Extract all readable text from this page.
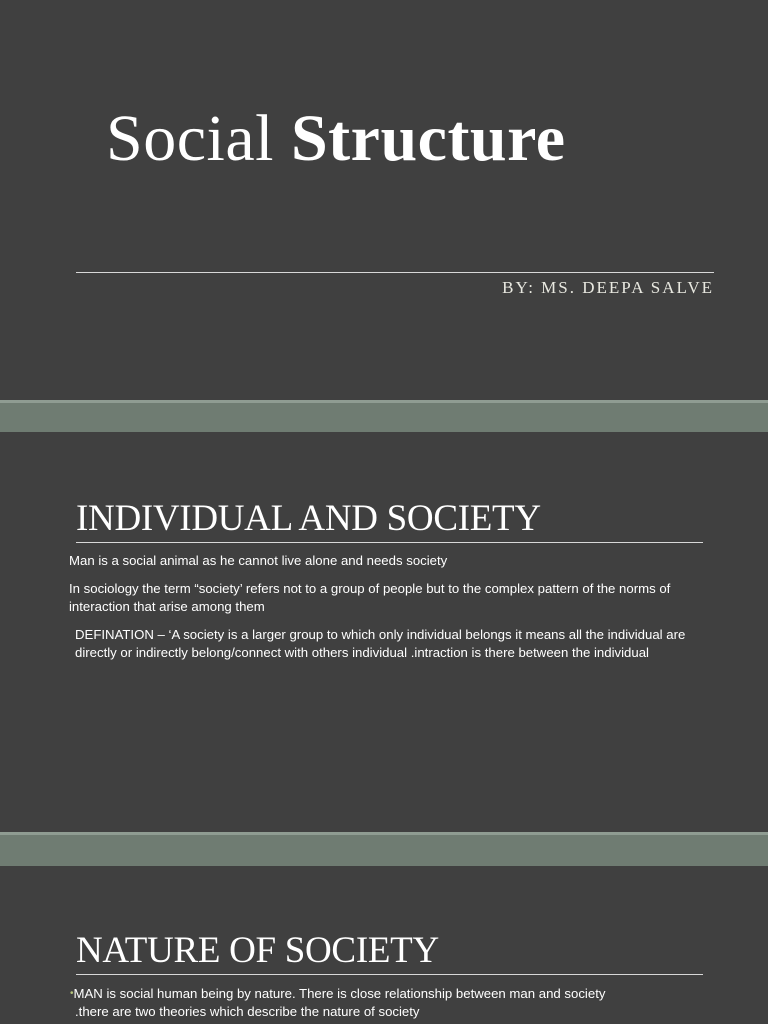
Social Structure

BY: MS. DEEPA SALVE

INDIVIDUAL AND SOCIETY

Man is a social animal as he cannot live alone and needs society

In sociology the term “society’ refers not to a group of people but to the complex pattern of the norms of interaction that arise among them

DEFINATION – ‘A society is a larger group to which only individual belongs it means all the individual are directly or indirectly belong/connect with others individual .intraction is there between the individual

NATURE OF SOCIETY

•MAN is social human being by nature. There is close relationship between man and society .there are two theories which describe the nature of society
